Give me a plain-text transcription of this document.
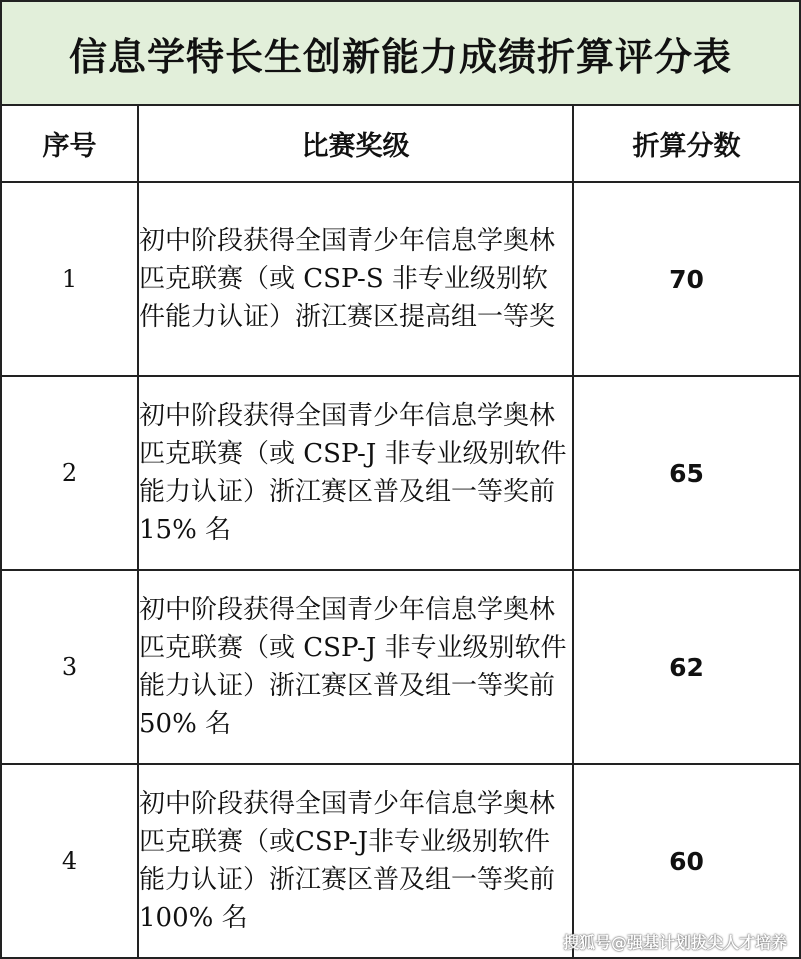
信息学特长生创新能力成绩折算评分表
序号	比赛奖级	折算分数
1	初中阶段获得全国青少年信息学奥林匹克联赛（或 CSP-S 非专业级别软件能力认证）浙江赛区提高组一等奖	70
2	初中阶段获得全国青少年信息学奥林匹克联赛（或 CSP-J 非专业级别软件能力认证）浙江赛区普及组一等奖前 15% 名	65
3	初中阶段获得全国青少年信息学奥林匹克联赛（或 CSP-J 非专业级别软件能力认证）浙江赛区普及组一等奖前 50% 名	62
4	初中阶段获得全国青少年信息学奥林匹克联赛（或CSP-J非专业级别软件能力认证）浙江赛区普及组一等奖前 100% 名	60
搜狐号@强基计划拔尖人才培养
